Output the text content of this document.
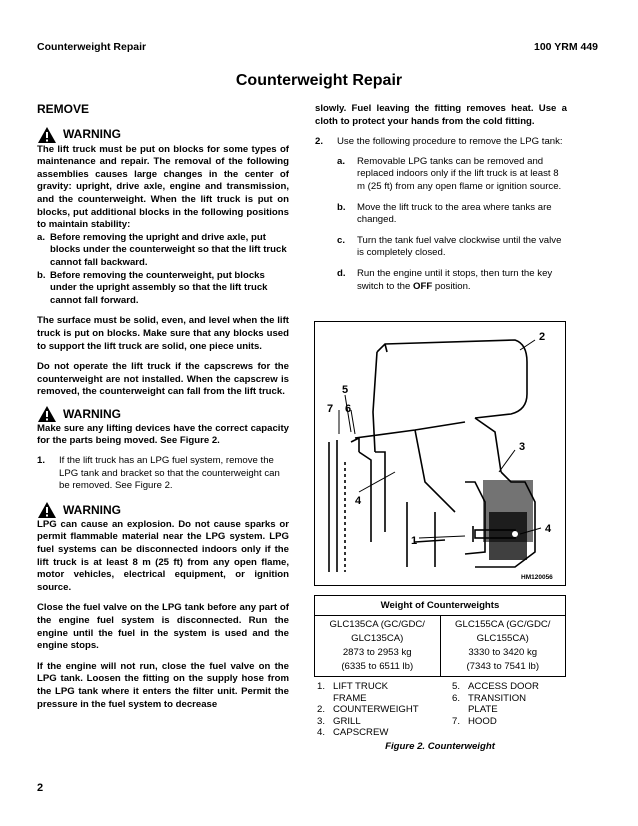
Counterweight Repair	100 YRM 449
Counterweight Repair
REMOVE
WARNING

The lift truck must be put on blocks for some types of maintenance and repair. The removal of the following assemblies causes large changes in the center of gravity: upright, drive axle, engine and transmission, and the counterweight. When the lift truck is put on blocks, put additional blocks in the following positions to maintain stability:

a. Before removing the upright and drive axle, put blocks under the counterweight so that the lift truck cannot fall backward.
b. Before removing the counterweight, put blocks under the upright assembly so that the lift truck cannot fall forward.

The surface must be solid, even, and level when the lift truck is put on blocks. Make sure that any blocks used to support the lift truck are solid, one piece units.

Do not operate the lift truck if the capscrews for the counterweight are not installed. When the capscrew is removed, the counterweight can fall from the lift truck.

WARNING

Make sure any lifting devices have the correct capacity for the parts being moved. See Figure 2.

1. If the lift truck has an LPG fuel system, remove the LPG tank and bracket so that the counterweight can be removed. See Figure 2.
WARNING

LPG can cause an explosion. Do not cause sparks or permit flammable material near the LPG system. LPG fuel systems can be disconnected indoors only if the lift truck is at least 8 m (25 ft) from any open flame, motor vehicles, electrical equipment, or ignition source.

Close the fuel valve on the LPG tank before any part of the engine fuel system is disconnected. Run the engine until the fuel in the system is used and the engine stops.

If the engine will not run, close the fuel valve on the LPG tank. Loosen the fitting on the supply hose from the LPG tank where it enters the filter unit. Permit the pressure in the fuel system to decrease

slowly. Fuel leaving the fitting removes heat. Use a cloth to protect your hands from the cold fitting.

2. Use the following procedure to remove the LPG tank:
a. Removable LPG tanks can be removed and replaced indoors only if the lift truck is at least 8 m (25 ft) from any open flame or ignition source.
b. Move the lift truck to the area where tanks are changed.
c. Turn the tank fuel valve clockwise until the valve is completely closed.
d. Run the engine until it stops, then turn the key switch to the OFF position.
2
3
4
4
1
5
6
7
HM120056
Weight of Counterweights

GLC135CA (GC/GDC/
GLC135CA)
2873 to 2953 kg
(6335 to 6511 lb)

GLC155CA (GC/GDC/
GLC155CA)
3330 to 3420 kg
(7343 to 7541 lb)
1. LIFT TRUCK
FRAME
2. COUNTERWEIGHT
3. GRILL
4. CAPSCREW
5. ACCESS DOOR
6. TRANSITION
PLATE
7. HOOD
Figure 2. Counterweight
2
